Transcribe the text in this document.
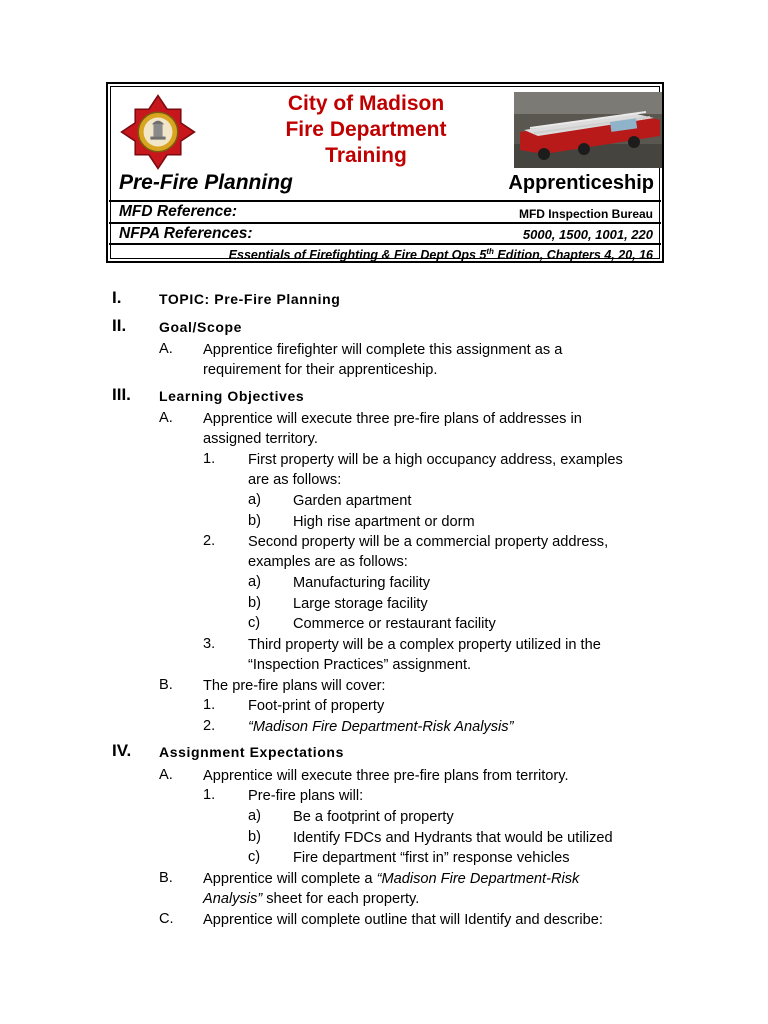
City of Madison
Fire Department
Training
Pre-Fire Planning	Apprenticeship
MFD Reference:	MFD Inspection Bureau
NFPA References:	5000, 1500, 1001, 220
Essentials of Firefighting & Fire Dept Ops 5th Edition, Chapters 4, 20, 16
I.	TOPIC: Pre-Fire Planning
II. Goal/Scope
A. Apprentice firefighter will complete this assignment as a
requirement for their apprenticeship.
III. Learning Objectives
A. Apprentice will execute three pre-fire plans of addresses in
assigned territory.
1. First property will be a high occupancy address, examples
are as follows:
a) Garden apartment
b) High rise apartment or dorm
2. Second property will be a commercial property address,
examples are as follows:
a) Manufacturing facility
b) Large storage facility
c) Commerce or restaurant facility
3. Third property will be a complex property utilized in the
“Inspection Practices” assignment.
B. The pre-fire plans will cover:
1. Foot-print of property
2. “Madison Fire Department-Risk Analysis”
IV. Assignment Expectations
A. Apprentice will execute three pre-fire plans from territory.
1. Pre-fire plans will:
a) Be a footprint of property
b) Identify FDCs and Hydrants that would be utilized
c) Fire department “first in” response vehicles
B. Apprentice will complete a “Madison Fire Department-Risk
Analysis” sheet for each property.
C. Apprentice will complete outline that will Identify and describe:
